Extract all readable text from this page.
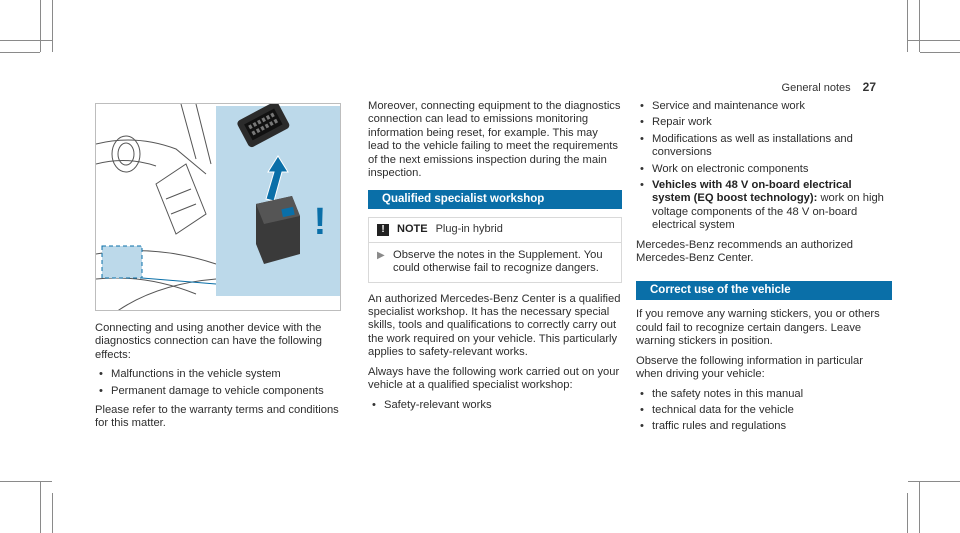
General notes 27
!

Connecting and using another device with the diagnostics connection can have the following effects:

• Malfunctions in the vehicle system
• Permanent damage to vehicle components

Please refer to the warranty terms and conditions for this matter.

Moreover, connecting equipment to the diagnostics connection can lead to emissions monitoring information being reset, for example. This may lead to the vehicle failing to meet the requirements of the next emissions inspection during the main inspection.

Qualified specialist workshop
!	NOTE Plug-in hybrid
▶ Observe the notes in the Supplement. You could otherwise fail to recognize dangers.

An authorized Mercedes-Benz Center is a qualified specialist workshop. It has the necessary special skills, tools and qualifications to correctly carry out the work required on your vehicle. This particularly applies to safety-relevant works.

Always have the following work carried out on your vehicle at a qualified specialist workshop:

• Safety-relevant works
• Service and maintenance work
• Repair work
• Modifications as well as installations and conversions
• Work on electronic components
• Vehicles with 48 V on-board electrical system (EQ boost technology): work on high voltage components of the 48 V on-board electrical system

Mercedes-Benz recommends an authorized Mercedes-Benz Center.

Correct use of the vehicle

If you remove any warning stickers, you or others could fail to recognize certain dangers. Leave warning stickers in position.

Observe the following information in particular when driving your vehicle:

• the safety notes in this manual
• technical data for the vehicle
• traffic rules and regulations
